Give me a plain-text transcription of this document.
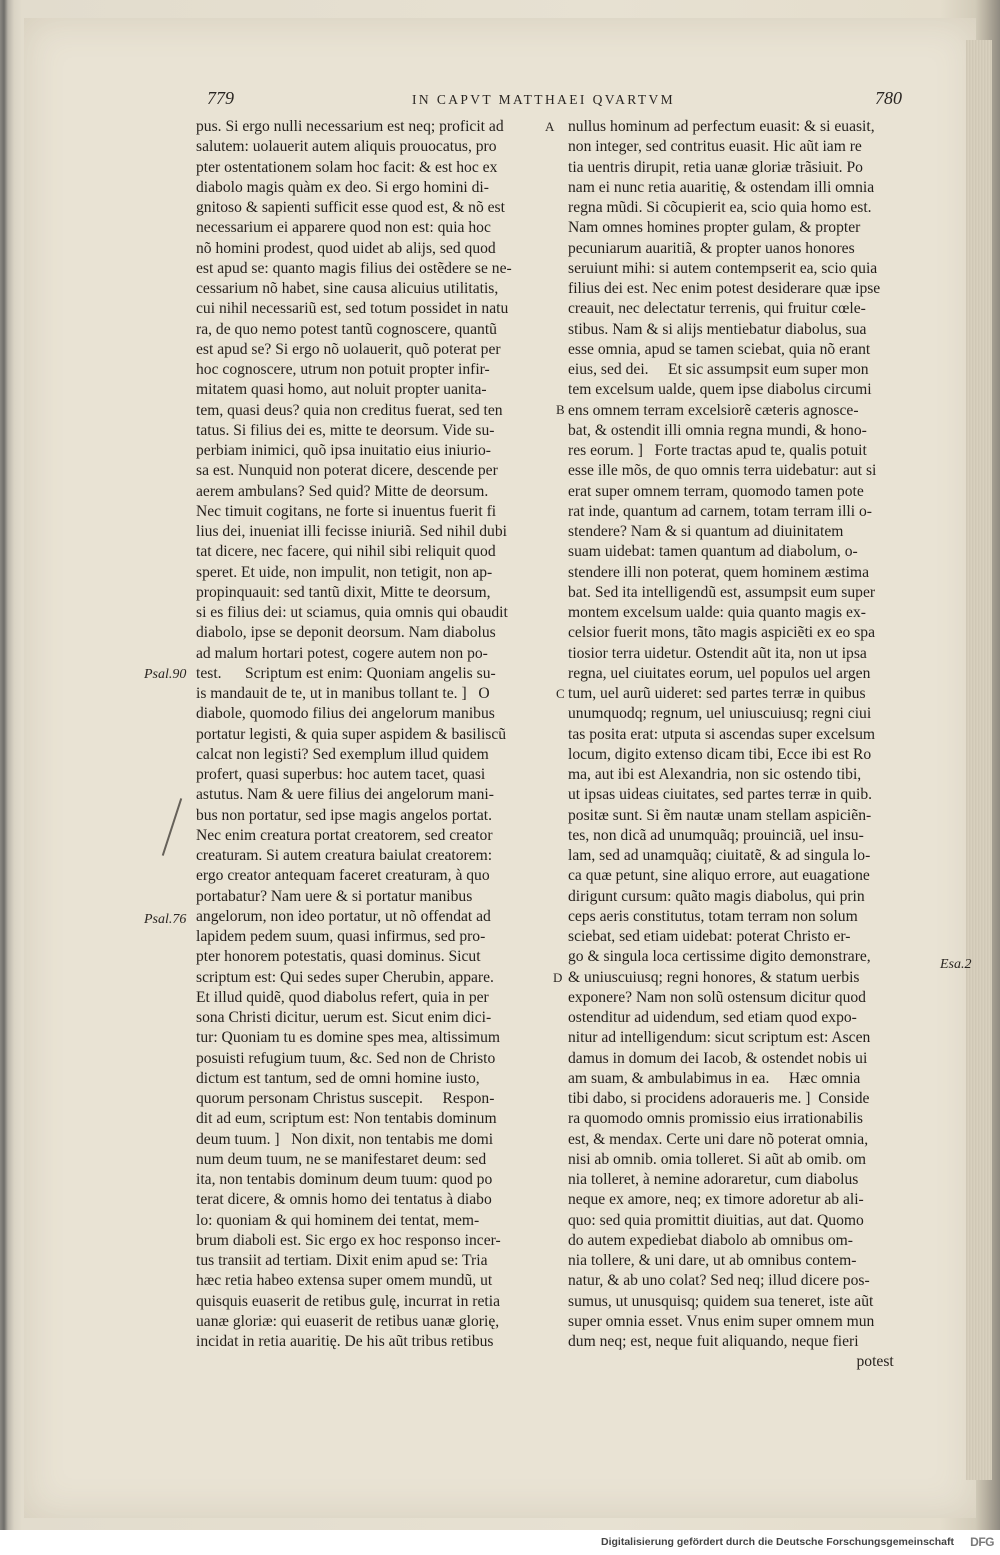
779	IN CAPVT MATTHAEI QVARTVM	780
pus. Si ergo nulli necessarium est neq; proficit ad
salutem: uolauerit autem aliquis prouocatus, pro
pter ostentationem solam hoc facit: & est hoc ex
diabolo magis quàm ex deo. Si ergo homini di-
gnitoso & sapienti sufficit esse quod est, & nõ est
necessarium ei apparere quod non est: quia hoc
nõ homini prodest, quod uidet ab alijs, sed quod
est apud se: quanto magis filius dei ostẽdere se ne-
cessarium nõ habet, sine causa alicuius utilitatis,
cui nihil necessariũ est, sed totum possidet in natu
ra, de quo nemo potest tantũ cognoscere, quantũ
est apud se? Si ergo nõ uolauerit, quõ poterat per
hoc cognoscere, utrum non potuit propter infir-
mitatem quasi homo, aut noluit propter uanita-
tem, quasi deus? quia non creditus fuerat, sed ten
tatus. Si filius dei es, mitte te deorsum. Vide su-
perbiam inimici, quõ ipsa inuitatio eius iniurio-
sa est. Nunquid non poterat dicere, descende per
aerem ambulans? Sed quid? Mitte de deorsum.
Nec timuit cogitans, ne forte si inuentus fuerit fi
lius dei, inueniat illi fecisse iniuriã. Sed nihil dubi
tat dicere, nec facere, qui nihil sibi reliquit quod
speret. Et uide, non impulit, non tetigit, non ap-
propinquauit: sed tantũ dixit, Mitte te deorsum,
si es filius dei: ut sciamus, quia omnis qui obaudit
diabolo, ipse se deponit deorsum. Nam diabolus
ad malum hortari potest, cogere autem non po-
test.      Scriptum est enim: Quoniam angelis su-
is mandauit de te, ut in manibus tollant te. ]   O
diabole, quomodo filius dei angelorum manibus
portatur legisti, & quia super aspidem & basiliscũ
calcat non legisti? Sed exemplum illud quidem
profert, quasi superbus: hoc autem tacet, quasi
astutus. Nam & uere filius dei angelorum mani-
bus non portatur, sed ipse magis angelos portat.
Nec enim creatura portat creatorem, sed creator
creaturam. Si autem creatura baiulat creatorem:
ergo creator antequam faceret creaturam, à quo
portabatur? Nam uere & si portatur manibus
angelorum, non ideo portatur, ut nõ offendat ad
lapidem pedem suum, quasi infirmus, sed pro-
pter honorem potestatis, quasi dominus. Sicut
scriptum est: Qui sedes super Cherubin, appare.
Et illud quidẽ, quod diabolus refert, quia in per
sona Christi dicitur, uerum est. Sicut enim dici-
tur: Quoniam tu es domine spes mea, altissimum
posuisti refugium tuum, &c. Sed non de Christo
dictum est tantum, sed de omni homine iusto,
quorum personam Christus suscepit.     Respon-
dit ad eum, scriptum est: Non tentabis dominum
deum tuum. ]   Non dixit, non tentabis me domi
num deum tuum, ne se manifestaret deum: sed
ita, non tentabis dominum deum tuum: quod po
terat dicere, & omnis homo dei tentatus à diabo
lo: quoniam & qui hominem dei tentat, mem-
brum diaboli est. Sic ergo ex hoc responso incer-
tus transiit ad tertiam. Dixit enim apud se: Tria
hæc retia habeo extensa super omem mundũ, ut
quisquis euaserit de retibus gulę, incurrat in retia
uanæ gloriæ: qui euaserit de retibus uanæ glorię,
incidat in retia auaritię. De his aũt tribus retibus
nullus hominum ad perfectum euasit: & si euasit,
non integer, sed contritus euasit. Hic aũt iam re
tia uentris dirupit, retia uanæ gloriæ trãsiuit. Po
nam ei nunc retia auaritię, & ostendam illi omnia
regna mũdi. Si cõcupierit ea, scio quia homo est.
Nam omnes homines propter gulam, & propter
pecuniarum auaritiã, & propter uanos honores
seruiunt mihi: si autem contempserit ea, scio quia
filius dei est. Nec enim potest desiderare quæ ipse
creauit, nec delectatur terrenis, qui fruitur cœle-
stibus. Nam & si alijs mentiebatur diabolus, sua
esse omnia, apud se tamen sciebat, quia nõ erant
eius, sed dei.     Et sic assumpsit eum super mon
tem excelsum ualde, quem ipse diabolus circumi
ens omnem terram excelsiorẽ cæteris agnosce-
bat, & ostendit illi omnia regna mundi, & hono-
res eorum. ]   Forte tractas apud te, qualis potuit
esse ille mõs, de quo omnis terra uidebatur: aut si
erat super omnem terram, quomodo tamen pote
rat inde, quantum ad carnem, totam terram illi o-
stendere? Nam & si quantum ad diuinitatem
suam uidebat: tamen quantum ad diabolum, o-
stendere illi non poterat, quem hominem æstima
bat. Sed ita intelligendũ est, assumpsit eum super
montem excelsum ualde: quia quanto magis ex-
celsior fuerit mons, tãto magis aspiciẽti ex eo spa
tiosior terra uidetur. Ostendit aũt ita, non ut ipsa
regna, uel ciuitates eorum, uel populos uel argen
tum, uel aurũ uideret: sed partes terræ in quibus
unumquodq; regnum, uel uniuscuiusq; regni ciui
tas posita erat: utputa si ascendas super excelsum
locum, digito extenso dicam tibi, Ecce ibi est Ro
ma, aut ibi est Alexandria, non sic ostendo tibi,
ut ipsas uideas ciuitates, sed partes terræ in quib.
positæ sunt. Si ẽm nautæ unam stellam aspiciẽn-
tes, non dicã ad unumquãq; prouinciã, uel insu-
lam, sed ad unamquãq; ciuitatẽ, & ad singula lo-
ca quæ petunt, sine aliquo errore, aut euagatione
dirigunt cursum: quãto magis diabolus, qui prin
ceps aeris constitutus, totam terram non solum
sciebat, sed etiam uidebat: poterat Christo er-
go & singula loca certissime digito demonstrare,
& uniuscuiusq; regni honores, & statum uerbis
exponere? Nam non solũ ostensum dicitur quod
ostenditur ad uidendum, sed etiam quod expo-
nitur ad intelligendum: sicut scriptum est: Ascen
damus in domum dei Iacob, & ostendet nobis ui
am suam, & ambulabimus in ea.     Hæc omnia
tibi dabo, si procidens adoraueris me. ]  Conside
ra quomodo omnis promissio eius irrationabilis
est, & mendax. Certe uni dare nõ poterat omnia,
nisi ab omnib. omia tolleret. Si aũt ab omib. om
nia tolleret, à nemine adoraretur, cum diabolus
neque ex amore, neq; ex timore adoretur ab ali-
quo: sed quia promittit diuitias, aut dat. Quomo
do autem expediebat diabolo ab omnibus om-
nia tollere, & uni dare, ut ab omnibus contem-
natur, & ab uno colat? Sed neq; illud dicere pos-
sumus, ut unusquisq; quidem sua teneret, iste aũt
super omnia esset. Vnus enim super omnem mun
dum neq; est, neque fuit aliquando, neque fieri
potest
A
B
C
D
Psal.90
Psal.76
Esa.2
Digitalisierung gefördert durch die Deutsche Forschungsgemeinschaft DFG
